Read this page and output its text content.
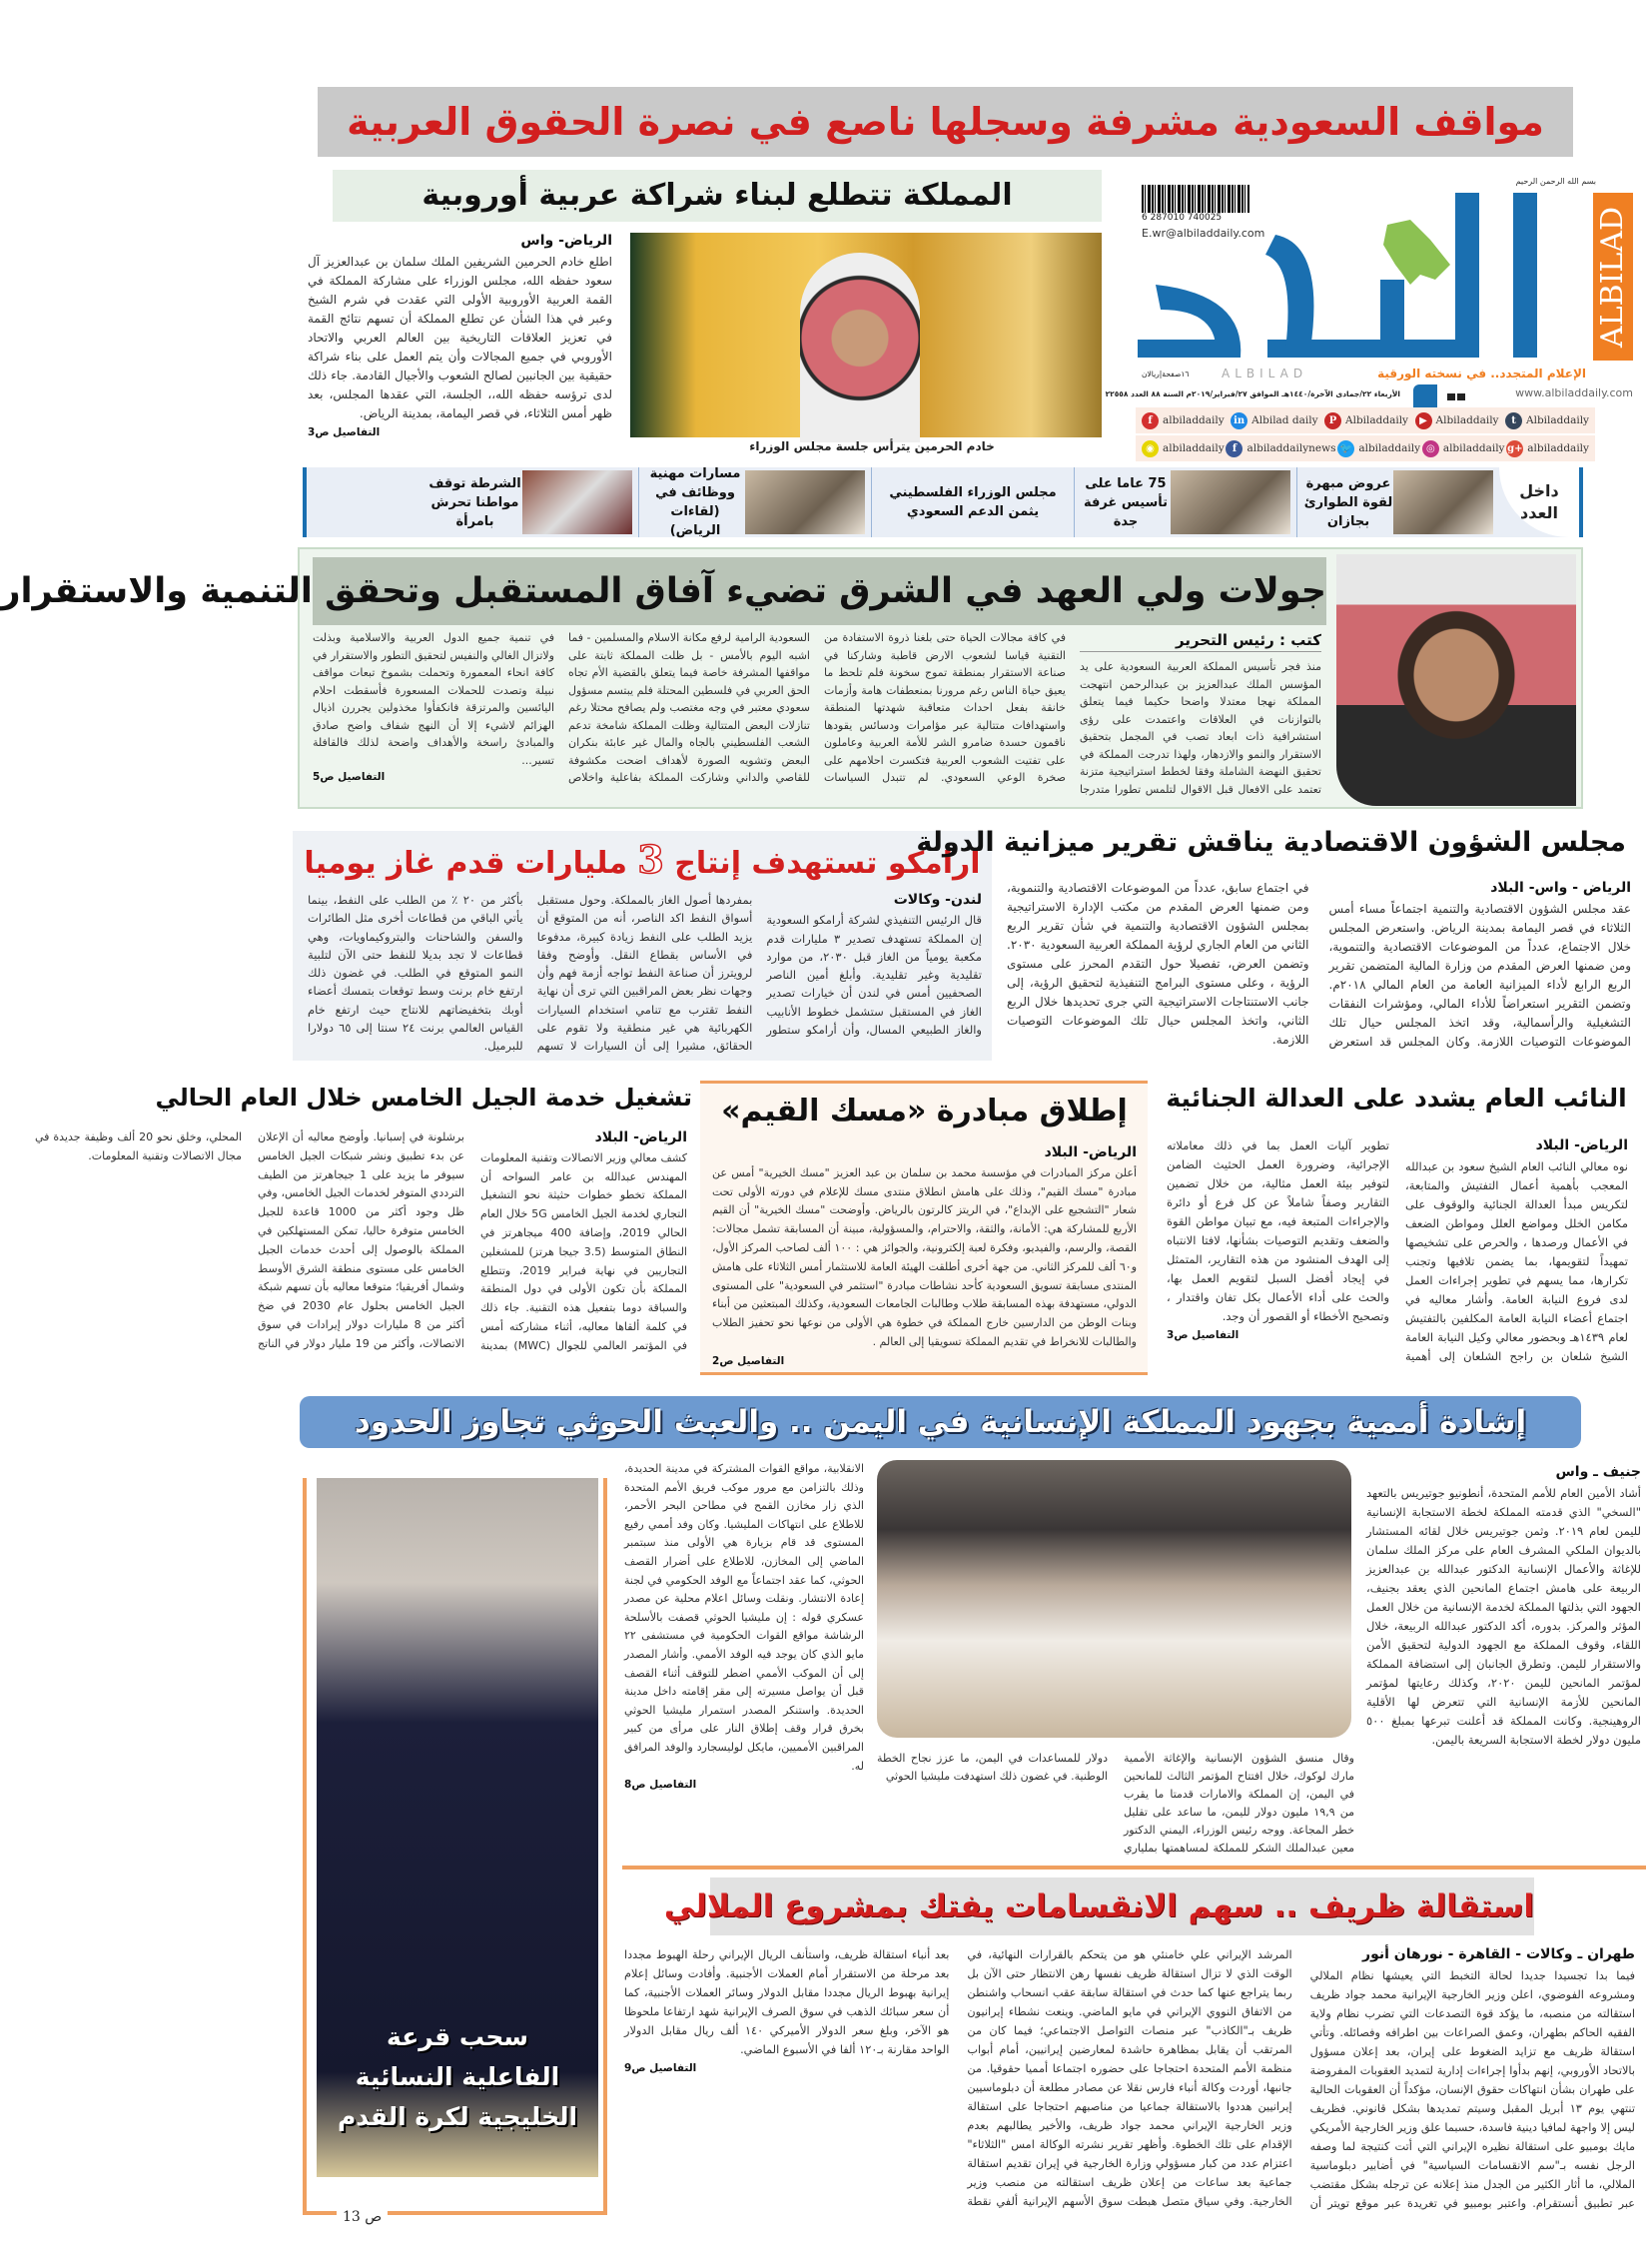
مواقف السعودية مشرفة وسجلها ناصع في نصرة الحقوق العربية
بسم الله الرحمن الرحيم
6 287010 740025
E.wr@albiladdaily.com	ALBILAD
الإعلام المتجدد.. في نسخته الورقية
ALBILAD
١٦صفحة|ريالان
الأربعاء ٢٢/جمادى الآخرة/١٤٤٠هـ الموافق ٢٧/فبراير/٢٠١٩م السنة ٨٨ العدد ٢٢٥٥٨	www.albiladdaily.com
f albiladdaily in Albilad daily	P Albiladdaily	▶ Albiladdaily	t Albiladdaily
◉ albiladdaily f albiladdailynews 🐦 albiladdaily ◎ albiladdaily g+ albiladdaily
المملكة تتطلع لبناء شراكة عربية أوروبية
الرياض- واس
اطلع خادم الحرمين الشريفين الملك سلمان بن عبدالعزيز آل سعود حفظه الله، مجلس الوزراء على مشاركة المملكة في القمة العربية الأوروبية الأولى التي عقدت في شرم الشيخ وعبر في هذا الشأن عن تطلع المملكة أن تسهم نتائج القمة في تعزيز العلاقات التاريخية بين العالم العربي والاتحاد الأوروبي في جميع المجالات وأن يتم العمل على بناء شراكة حقيقية بين الجانبين لصالح الشعوب والأجيال القادمة. جاء ذلك لدى ترؤسه حفظه الله،، الجلسة، التي عقدها المجلس، بعد ظهر أمس الثلاثاء، في قصر اليمامة، بمدينة الرياض.
التفاصيل ص3
خادم الحرمين يترأس جلسة مجلس الوزراء
داخل العدد
عروض مبهرة لقوة الطوارئ بجازان
75 عاما على تأسيس غرفة جدة
مجلس الوزراء الفلسطيني يثمن الدعم السعودي
مسارات مهنية ووظائف في (لقاءات الرياض)
الشرطة توقف مواطنا تحرش بامرأة
جولات ولي العهد في الشرق تضيء آفاق المستقبل وتحقق التنمية والاستقرار
كتب : رئيس التحرير
منذ فجر تأسيس المملكة العربية السعودية على يد المؤسس الملك عبدالعزيز بن عبدالرحمن انتهجت المملكة نهجا معتدلا واضحا حكيما فيما يتعلق بالتوازنات في العلاقات واعتمدت على رؤى استشرافية ذات ابعاد تصب في المجمل بتحقيق الاستقرار والنمو والازدهار، ولهذا تدرجت المملكة في تحقيق النهضة الشاملة وفقا لخطط استراتيجية متزنة تعتمد على الافعال قبل الاقوال لتلمس تطورا متدرجا في كافة مجالات الحياة حتى بلغنا ذروة الاستفادة من التقنية قياسا لشعوب الارض قاطبة وشاركنا في صناعة الاستقرار بمنطقة تموج سخونة فلم تلحظ ما يعيق حياة الناس رغم مرورنا بمنعطفات هامة وأزمات خانقة بفعل احداث متعاقبة شهدتها المنطقة واستهدافات متتالية عبر مؤامرات ودسائس يقودها ناقمون حسدة ضامرو الشر للأمة العربية وعاملون على تفتيت الشعوب العربية فتكسرت احلامهم على صخرة الوعي السعودي. لم تتبدل السياسات السعودية الرامية لرفع مكانة الاسلام والمسلمين - فما اشبه اليوم بالأمس - بل ظلت المملكة ثابتة على مواقفها المشرفة خاصة فيما يتعلق بالقضية الأم تجاه الحق العربي في فلسطين المحتلة فلم يبتسم مسؤول سعودي معتبر في وجه مغتصب ولم يصافح محتلا رغم تنازلات البعض المتتالية وظلت المملكة شامخة تدعم الشعب الفلسطيني بالجاه والمال غير عابئة بنكران البعض وتشويه الصورة لأهداف اضحت مكشوفة للقاصي والداني وشاركت المملكة بفاعلية واخلاص في تنمية جميع الدول العربية والاسلامية وبذلت ولاتزال الغالي والنفيس لتحقيق التطور والاستقرار في كافة انحاء المعمورة وتحملت بشموخ تبعات مواقف نبيلة وتصدت للحملات المسعورة فأسقطت احلام اليائسين والمرتزقة فانكفأوا مخذولين يجررن اذيال الهزائم لاشيء إلا أن النهج شفاف واضح صادق والمبادئ راسخة والأهداف واضحة لذلك فالقافلة تسير...
التفاصيل ص5
ارامكو تستهدف إنتاج 3 مليارات قدم غاز يوميا
لندن- وكالات
قال الرئيس التنفيذي لشركة أرامكو السعودية إن المملكة تستهدف تصدير ٣ مليارات قدم مكعبة يومياً من الغاز قبل ٢٠٣٠، من موارد تقليدية وغير تقليدية. وأبلغ أمين الناصر الصحفيين أمس في لندن أن خيارات تصدير الغاز في المستقبل ستشمل خطوط الأنابيب والغاز الطبيعي المسال، وأن أرامكو ستطور بمفردها أصول الغاز بالمملكة. وحول مستقبل أسواق النفط اكد الناصر، أنه من المتوقع أن يزيد الطلب على النفط زيادة كبيرة، مدفوعا في الأساس بقطاع النقل. وأوضح وفقا لرويترز أن صناعة النفط تواجه أزمة فهم وأن وجهات نظر بعض المراقبين التي ترى أن نهاية النفط تقترب مع تنامي استخدام السيارات الكهربائية هي غير منطقية ولا تقوم على الحقائق، مشيرا إلى أن السيارات لا تسهم بأكثر من ٢٠ ٪ من الطلب على النفط، بينما يأتي الباقي من قطاعات أخرى مثل الطائرات والسفن والشاحنات والبتروكيماويات، وهي قطاعات لا تجد بديلا للنفط حتى الآن لتلبية النمو المتوقع في الطلب. في غضون ذلك ارتفع خام برنت وسط توقعات بتمسك أعضاء أوبك بتخفيضاتهم للانتاج حيث ارتفع خام القياس العالمي برنت ٢٤ سنتا إلى ٦٥ دولارا للبرميل.
مجلس الشؤون الاقتصادية يناقش تقرير ميزانية الدولة
الرياض - واس- البلاد
عقد مجلس الشؤون الاقتصادية والتنمية اجتماعاً مساء أمس الثلاثاء في قصر اليمامة بمدينة الرياض. واستعرض المجلس خلال الاجتماع، عدداً من الموضوعات الاقتصادية والتنموية، ومن ضمنها العرض المقدم من وزارة المالية المتضمن تقرير الربع الرابع لأداء الميزانية العامة من العام المالي ٢٠١٨م. وتضمن التقرير استعراضاً للأداء المالي، ومؤشرات النفقات التشغيلية والرأسمالية، وقد اتخذ المجلس حيال تلك الموضوعات التوصيات اللازمة. وكان المجلس قد استعرض في اجتماع سابق، عدداً من الموضوعات الاقتصادية والتنموية، ومن ضمنها العرض المقدم من مكتب الإدارة الاستراتيجية بمجلس الشؤون الاقتصادية والتنمية في شأن تقرير الربع الثاني من العام الجاري لرؤية المملكة العربية السعودية ٢٠٣٠. وتضمن العرض، تفصيلا حول التقدم المحرز على مستوى الرؤية ، وعلى مستوى البرامج التنفيذية لتحقيق الرؤية، إلى جانب الاستنتاجات الاستراتيجية التي جرى تحديدها خلال الربع الثاني، واتخذ المجلس حيال تلك الموضوعات التوصيات اللازمة.
تشغيل خدمة الجيل الخامس خلال العام الحالي
الرياض- البلاد
كشف معالي وزير الاتصالات وتقنية المعلومات المهندس عبدالله بن عامر السواحه أن المملكة تخطو خطوات حثيثة نحو التشغيل التجاري لخدمة الجيل الخامس 5G خلال العام الحالي 2019، وإضافة 400 ميجاهرتز في النطاق المتوسط (3.5 جيجا هرتز) للمشغلين التجاريين في نهاية فبراير 2019، وتتطلع المملكة بأن تكون الأولى في دول المنطقة والسباقة دوما بتفعيل هذه التقنية. جاء ذلك في كلمة ألقاها معاليه، أثناء مشاركته أمس في المؤتمر العالمي للجوال (MWC) بمدينة برشلونة في إسبانيا. وأوضح معاليه أن الإعلان عن بدء تطبيق ونشر شبكات الجيل الخامس سيوفر ما يزيد على 1 جيجاهرتز من الطيف الترددي المتوفر لخدمات الجيل الخامس، وفي ظل وجود أكثر من 1000 قاعدة للجيل الخامس متوفرة حاليا، تمكن المستهلكين في المملكة بالوصول إلى أحدث خدمات الجيل الخامس على مستوى منطقة الشرق الأوسط وشمال أفريقيا؛ متوقعا معاليه بأن تسهم شبكة الجيل الخامس بحلول عام 2030 في ضخ أكثر من 8 مليارات دولار إيرادات في سوق الاتصالات، وأكثر من 19 مليار دولار في الناتج المحلي، وخلق نحو 20 ألف وظيفة جديدة في مجال الاتصالات وتقنية المعلومات.
إطلاق مبادرة «مسك القيم»
الرياض- البلاد
أعلن مركز المبادرات في مؤسسة محمد بن سلمان بن عبد العزيز "مسك الخيرية" أمس عن مبادرة "مسك القيم"، وذلك على هامش انطلاق منتدى مسك للإعلام في دورته الأولى تحت شعار "التشجيع على الإبداع"، في الريتز كالرتون بالرياض. وأوضحت "مسك الخيرية" أن القيم الأربع للمشاركة هي: الأمانة، والثقة، والاحترام، والمسؤولية، مبينة أن المسابقة تشمل مجالات: القصة، والرسم، والفيديو، وفكرة لعبة إلكترونية، والجوائز هي : ١٠٠ ألف لصاحب المركز الأول، و٦٠ ألف للمركز الثاني. من جهة أخرى أطلقت الهيئة العامة للاستثمار أمس الثلاثاء على هامش المنتدى مسابقة تسويق السعودية كأحد نشاطات مبادرة "استثمر في السعودية" على المستوى الدولي، مستهدفة بهذه المسابقة طلاب وطالبات الجامعات السعودية، وكذلك المبتعثين من أبناء وبنات الوطن من الدارسين خارج المملكة في خطوة هي الأولى من نوعها نحو تحفيز الطلاب والطالبات للانخراط في تقديم المملكة تسويقيا إلى العالم .
التفاصيل ص2
النائب العام يشدد على العدالة الجنائية
الرياض- البلاد
نوه معالي النائب العام الشيخ سعود بن عبدالله المعجب بأهمية أعمال التفتيش والمتابعة، لتكريس مبدأ العدالة الجنائية والوقوف على مكامن الخلل ومواضع العلل ومواطن الضعف في الأعمال ورصدها ، والحرص على تشخيصها تمهيداً لتقويمها، بما يضمن تلافيها وتجنب تكرارها، مما يسهم في تطوير إجراءات العمل لدى فروع النيابة العامة. وأشار معاليه في اجتماع أعضاء النيابة العامة المكلفين بالتفتيش لعام ١٤٣٩هـ وبحضور معالي وكيل النيابة العامة الشيخ شلعان بن راجح الشلعان إلى أهمية تطوير آليات العمل بما في ذلك معاملاته الإجرائية، وضرورة العمل الحثيث الضامن لتوفير بيئة العمل مثالية، من خلال تضمين التقارير وصفاً شاملاً عن كل فرع أو دائرة والإجراءات المتبعة فيه، مع تبيان مواطن القوة والضعف وتقديم التوصيات بشأنها، لافتا الانتباه إلى الهدف المنشود من هذه التقارير، المتمثل في إيجاد أفضل السبل لتقويم العمل بها، والحث على أداء الأعمال بكل تفان واقتدار ، وتصحيح الأخطاء أو القصور أن وجد.
التفاصيل ص3
إشادة أممية بجهود المملكة الإنسانية في اليمن .. والعبث الحوثي تجاوز الحدود
جنيف ـ واس
أشاد الأمين العام للأمم المتحدة، أنطونيو جوتيريس بالتعهد "السخي" الذي قدمته المملكة لخطة الاستجابة الإنسانية لليمن لعام ٢٠١٩. وثمن جوتيريس خلال لقائه المستشار بالديوان الملكي المشرف العام على مركز الملك سلمان للإغاثة والأعمال الإنسانية الدكتور عبدالله بن عبدالعزيز الربيعة على هامش اجتماع المانحين الذي يعقد بجنيف، الجهود التي بذلتها المملكة لخدمة الإنسانية من خلال العمل المؤثر والمركز. بدوره، أكد الدكتور عبدالله الربيعة، خلال اللقاء، وقوف المملكة مع الجهود الدولية لتحقيق الأمن والاستقرار لليمن. وتطرق الجانبان إلى استضافة المملكة لمؤتمر المانحين لليمن ٢٠٢٠، وكذلك رعايتها لمؤتمر المانحين للأزمة الإنسانية التي تتعرض لها الأقلية الروهينجية. وكانت المملكة قد أعلنت تبرعها بمبلغ ٥٠٠ مليون دولار لخطة الاستجابة السريعة باليمن.
وقال منسق الشؤون الإنسانية والإغاثة الأممية مارك لوكوك، خلال افتتاح المؤتمر الثالث للمانحين في اليمن، إن المملكة والامارات قدمتا ما يقرب من ١٩,٩ مليون دولار لليمن، ما ساعد على تقليل خطر المجاعة. ووجه رئيس الوزراء، اليمني الدكتور معين عبدالملك الشكر للمملكة لمساهمتها بملياري دولار للمساعدات في اليمن، ما عزز نجاح الخطة الوطنية. في غضون ذلك استهدفت مليشيا الحوثي
الانقلابية، مواقع القوات المشتركة في مدينة الحديدة، وذلك بالتزامن مع مرور موكب فريق الأمم المتحدة الذي زار مخازن القمح في مطاحن البحر الأحمر، للاطلاع على انتهاكات المليشيا. وكان وفد أممي رفيع المستوى قد قام بزيارة هي الأولى منذ سبتمبر الماضي إلى المخازن، للاطلاع على أضرار القصف الحوثي، كما عقد اجتماعاً مع الوفد الحكومي في لجنة إعادة الانتشار. ونقلت وسائل اعلام محلية عن مصدر عسكري قوله : إن مليشيا الحوثي قصفت بالأسلحة الرشاشة مواقع القوات الحكومية في مستشفى ٢٢ مايو الذي كان يوجد فيه الوفد الأممي. وأشار المصدر إلى أن الموكب الأممي اضطر للتوقف أثناء القصف قبل أن يواصل مسيرته إلى مقر إقامته داخل مدينة الحديدة. واستنكر المصدر استمرار مليشيا الحوثي بخرق قرار وقف إطلاق النار على مرأى من كبير المراقبين الأمميين، مايكل لوليسجارد والوفد المرافق له.
التفاصيل ص8
سحب قرعة الفاعلية النسائية الخليجية لكرة القدم
ص 13
استقالة ظريف .. سهم الانقسامات يفتك بمشروع الملالي
طهران ـ وكالات - القاهرة - نورهان أنور
فيما بدا تجسيدا جديدا لحالة التخبط التي يعيشها نظام الملالي ومشروعه الفوضوي، اعلن وزير الخارجية الإيرانية محمد جواد ظريف استقالته من منصبه، ما يؤكد قوة التصدعات التي تضرب نظام ولاية الفقيه الحاكم بطهران، وعمق الصراعات بين اطرافه وفصائله. وتأتي استقالة ظريف مع تزايد الضغوط على إيران، بعد إعلان مسؤول بالاتحاد الأوروبي، إنهم بدأوا إجراءات إدارية لتمديد العقوبات المفروضة على طهران بشأن انتهاكات حقوق الإنسان، مؤكداً أن العقوبات الحالية تنتهي يوم ١٣ أبريل المقبل وسيتم تمديدها بشكل قانوني. فظريف ليس إلا واجهة لمافيا دينية فاسدة، حسبما علق وزير الخارجية الأمريكي مايك بومبيو على استقالة نظيره الإيراني التي أتت كنتيجة لما وصفه الرجل نفسه بـ"سم الانقسامات السياسية" في أضابير دبلوماسية الملالي، ما أثار الكثير من الجدل منذ إعلانه عن ترجله بشكل مقتضب عبر تطبيق أنستقرام. واعتبر بومبيو في تغريدة عبر موقع تويتر أن المرشد الإيراني علي خامنئي هو من يتحكم بالقرارات النهائية، في الوقت الذي لا تزال استقالة ظريف نفسها رهن الانتظار حتى الآن بل ربما يتراجع عنها كما حدث في استقالة سابقة عقب انسحاب واشنطن من الاتفاق النووي الإيراني في مايو الماضي. وينعت نشطاء إيرانيون ظريف بـ"الكاذب" عبر منصات التواصل الاجتماعي؛ فيما كان من المرتقب أن يقابل بمظاهرة حاشدة لمعارضين إيرانيين، أمام أبواب منظمة الأمم المتحدة احتجاجا على حضوره اجتماعا أمميا حقوقيا. من جانبها، أوردت وكالة أنباء فارس نقلا عن مصادر مطلعة أن دبلوماسيين إيرانيين هددوا بالاستقالة جماعيا من مناصبهم احتجاجا على استقالة وزير الخارجية الإيراني محمد جواد ظريف، والأخير يطالبهم بعدم الإقدام على تلك الخطوة. وأظهر تقرير نشرته الوكالة امس "الثلاثاء" اعتزام عدد من كبار مسؤولي وزارة الخارجية في إيران تقديم استقالة جماعية بعد ساعات من إعلان ظريف استقالته من منصب وزير الخارجية. وفي سياق متصل هبطت سوق الأسهم الإيرانية ألفي نقطة بعد أنباء استقالة ظريف، واستأنف الريال الإيراني رحلة الهبوط مجددا بعد مرحلة من الاستقرار أمام العملات الأجنبية. وأفادت وسائل إعلام إيرانية بهبوط الريال مجددا مقابل الدولار وسائر العملات الأجنبية، كما أن سعر سبائك الذهب في سوق الصرف الإيرانية شهد ارتفاعا ملحوظا هو الآخر، وبلغ سعر الدولار الأميركي ١٤٠ ألف ريال مقابل الدولار الواحد مقارنة بـ١٢٠ ألفا في الأسبوع الماضي.
التفاصيل ص9
